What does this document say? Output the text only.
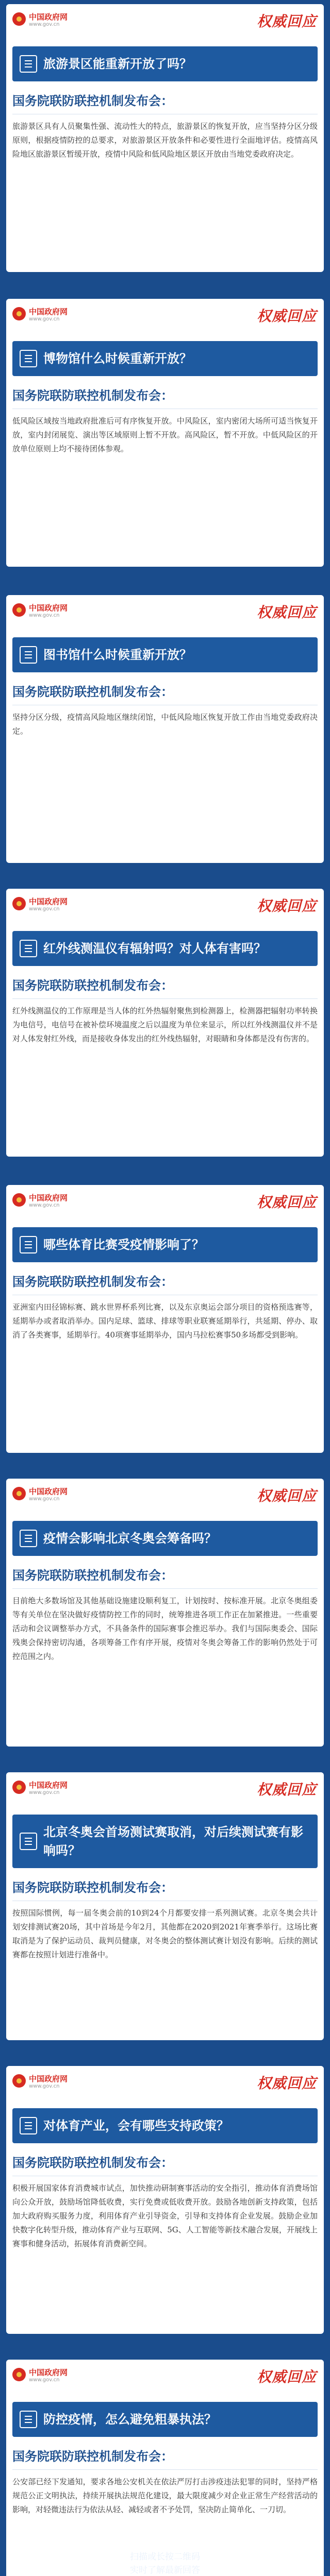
中国政府网
www.gov.cn	权威回应
旅游景区能重新开放了吗？
国务院联防联控机制发布会：
旅游景区具有人员聚集性强、流动性大的特点，旅游景区的恢复开放，应当坚持分区分级原则，根据疫情防控的总要求，对旅游景区开放条件和必要性进行全面地评估。疫情高风险地区旅游景区暂缓开放，疫情中风险和低风险地区景区开放由当地党委政府决定。
中国政府网
www.gov.cn	权威回应
博物馆什么时候重新开放？
国务院联防联控机制发布会：
低风险区域按当地政府批准后可有序恢复开放。中风险区，室内密闭大场所可适当恢复开放，室内封闭展览、演出等区域原则上暂不开放。高风险区，暂不开放。中低风险区的开放单位原则上均不接待团体参观。
中国政府网
www.gov.cn	权威回应
图书馆什么时候重新开放？
国务院联防联控机制发布会：
坚持分区分级，疫情高风险地区继续闭馆，中低风险地区恢复开放工作由当地党委政府决定。
中国政府网
www.gov.cn	权威回应
红外线测温仪有辐射吗？对人体有害吗？
国务院联防联控机制发布会：
红外线测温仪的工作原理是当人体的红外热辐射聚焦到检测器上，检测器把辐射功率转换为电信号，电信号在被补偿环境温度之后以温度为单位来显示，所以红外线测温仪并不是对人体发射红外线，而是接收身体发出的红外线热辐射，对眼睛和身体都是没有伤害的。
中国政府网
www.gov.cn	权威回应
哪些体育比赛受疫情影响了？
国务院联防联控机制发布会：
亚洲室内田径锦标赛、跳水世界杯系列比赛，以及东京奥运会部分项目的资格预选赛等，延期举办或者取消举办。国内足球、篮球、排球等职业联赛延期举行，共延期、停办、取消了各类赛事，延期举行。40项赛事延期举办，国内马拉松赛事50多场都受到影响。
中国政府网
www.gov.cn	权威回应
疫情会影响北京冬奥会筹备吗？
国务院联防联控机制发布会：
目前绝大多数场馆及其他基础设施建设顺利复工，计划按时、按标准开展。北京冬奥组委等有关单位在坚决做好疫情防控工作的同时，统筹推进各项工作正在加紧推进。一些重要活动和会议调整举办方式，不具备条件的国际赛事会推迟举办。我们与国际奥委会、国际残奥会保持密切沟通，各项筹备工作有序开展，疫情对冬奥会筹备工作的影响仍然处于可控范围之内。
中国政府网
www.gov.cn	权威回应
北京冬奥会首场测试赛取消，对后续测试赛有影响吗？
国务院联防联控机制发布会：
按照国际惯例，每一届冬奥会前的10到24个月都要安排一系列测试赛。北京冬奥会共计划安排测试赛20场，其中首场是今年2月，其他都在2020到2021年赛季举行。这场比赛取消是为了保护运动员、裁判员健康，对冬奥会的整体测试赛计划没有影响。后续的测试赛都在按照计划进行准备中。
中国政府网
www.gov.cn	权威回应
对体育产业，会有哪些支持政策？
国务院联防联控机制发布会：
积极开展国家体育消费城市试点，加快推动研制赛事活动的安全指引，推动体育消费场馆向公众开放，鼓励场馆降低收费，实行免费或低收费开放。鼓励各地创新支持政策，包括加大政府购买服务力度，利用体育产业引导资金，引导和支持体育企业发展。鼓励企业加快数字化转型升级，推动体育产业与互联网、5G、人工智能等新技术融合发展，开展线上赛事和健身活动，拓展体育消费新空间。
中国政府网
www.gov.cn	权威回应
防控疫情，怎么避免粗暴执法？
国务院联防联控机制发布会：
公安部已经下发通知，要求各地公安机关在依法严厉打击涉疫违法犯罪的同时，坚持严格规范公正文明执法，持续开展执法规范化建设，最大限度减少对企业正常生产经营活动的影响，对轻微违法行为依法从轻、减轻或者不予处罚，坚决防止简单化、一刀切。
扫描或长按二维码
实时了解最新回答
